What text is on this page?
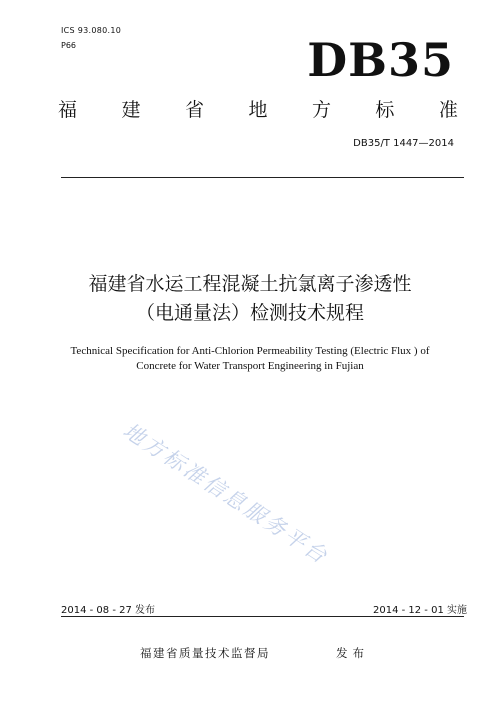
ICS 93.080.10
P66	DB35
福 建 省 地 方 标 准
DB35/T 1447—2014
福建省水运工程混凝土抗氯离子渗透性
（电通量法）检测技术规程
Technical Specification for Anti-Chlorion Permeability Testing (Electric Flux ) of
Concrete for Water Transport Engineering in Fujian
地方标准信息服务平台
2014 - 08 - 27 发布	2014 - 12 - 01 实施
福建省质量技术监督局	发布
